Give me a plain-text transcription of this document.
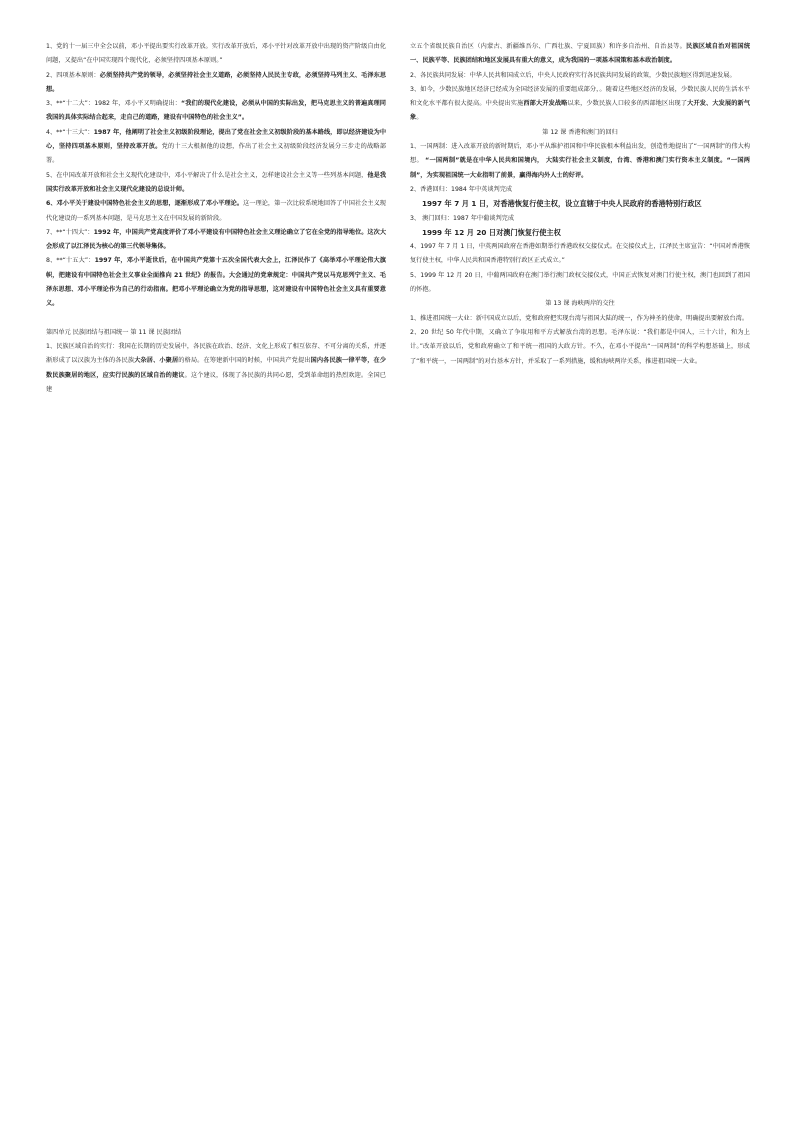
1、党的十一届三中全会以前，邓小平提出要实行改革开放。实行改革开放后，邓小平针对改革开放中出现的资产阶级自由化问题，又提出“在中国实现四个现代化，必须坚持四项基本原则。”

2、四项基本原则：必须坚持共产党的领导，必须坚持社会主义道路，必须坚持人民民主专政，必须坚持马列主义、毛泽东思想。

3、**“十二大”：1982 年，邓小平又明确提出：“我们的现代化建设，必须从中国的实际出发，把马克思主义的普遍真理同我国的具体实际结合起来，走自己的道路，建设有中国特色的社会主义”。

4、**“十三大”：1987 年，他阐明了社会主义初级阶段理论，提出了党在社会主义初级阶段的基本路线，即以经济建设为中心，坚持四项基本原则，坚持改革开放。党的十三大根据他的设想，作出了社会主义初级阶段经济发展分三步走的战略部署。

5、在中国改革开放和社会主义现代化建设中，邓小平解决了什么是社会主义，怎样建设社会主义等一些列基本问题，他是我国实行改革开放和社会主义现代化建设的总设计师。

6、邓小平关于建设中国特色社会主义的思想，逐渐形成了邓小平理论。这一理论，第一次比较系统地回答了中国社会主义现代化建设的一系列基本问题，是马克思主义在中国发展的新阶段。

7、**“十四大”：1992 年，中国共产党高度评价了邓小平建设有中国特色社会主义理论确立了它在全党的指导地位。这次大会形成了以江泽民为核心的第三代领导集体。

8、**“十五大”：1997 年，邓小平逝世后，在中国共产党第十五次全国代表大会上，江泽民作了《高举邓小平理论伟大旗帜，把建设有中国特色社会主义事业全面推向 21 世纪》的报告。大会通过的党章规定：中国共产党以马克思列宁主义、毛泽东思想、邓小平理论作为自己的行动指南。把邓小平理论确立为党的指导思想，这对建设有中国特色社会主义具有重要意义。

第四单元 民族团结与祖国统一 第 11 课 民族团结

1、民族区域自治的实行：我国在长期的历史发展中，各民族在政治、经济、文化上形成了相互依存、不可分离的关系，并逐渐形成了以汉族为主体的各民族大杂居、小聚居的格局。在筹建新中国的时候，中国共产党提出国内各民族一律平等，在少数民族聚居的地区，应实行民族的区域自治的建议。这个建议，体现了各民族的共同心愿，受到革命组的热烈欢迎。全国已建

立五个省级民族自治区（内蒙古、新疆维吾尔、广西壮族、宁夏回族）和许多自治州、自治县等。民族区域自治对祖国统一、民族平等、民族团结和地区发展具有重大的意义，成为我国的一项基本国策和基本政治制度。

2、各民族共同发展：中华人民共和国成立后，中央人民政府实行各民族共同发展的政策，少数民族地区得到迅速发展。

3、如今，少数民族地区经济已经成为全国经济发展的重要组成部分，。随着这些地区经济的发展，少数民族人民的生活水平和文化水平都有很大提高。中央提出实施西部大开发战略以来，少数民族人口较多的西部地区出现了大开发、大发展的新气象。

第 12 课 香港和澳门的回归

1、一国两制：进入改革开放的新时期后，邓小平从维护祖国和中华民族根本利益出发，创造性地提出了“一国两制”的伟大构想。 “一国两制”就是在中华人民共和国境内， 大陆实行社会主义制度，台湾、香港和澳门实行资本主义制度。“一国两制”，为实现祖国统一大业指明了前景，赢得海内外人士的好评。

2、香港回归：1984 年中英谈判完成

1997 年 7 月 1 日，对香港恢复行使主权，设立直辖于中央人民政府的香港特别行政区

3、 澳门回归：1987 年中葡谈判完成

1999 年 12 月 20 日对澳门恢复行使主权

4、1997 年 7 月 1 日，中英两国政府在香港如期举行香港政权交接仪式。在交接仪式上，江泽民主席宣告：“中国对香港恢复行使主权，中华人民共和国香港特别行政区正式成立。”

5、1999 年 12 月 20 日，中葡两国政府在澳门举行澳门政权交接仪式，中国正式恢复对澳门行使主权，澳门也回到了祖国的怀抱。

第 13 课 海峡两岸的交往

1、推进祖国统一大业：新中国成立以后，党和政府把实现台湾与祖国大陆的统一，作为神圣的使命，明确提出要解放台湾。

2、20 世纪 50 年代中期，又确立了争取用和平方式解放台湾的思想。毛泽东说：“我们都是中国人，三十六计，和为上计。”改革开放以后，党和政府确立了和平统一祖国的大政方针。不久，在邓小平提出“一国两制”的科学构想基础上，形成了“和平统一，一国两制”的对台基本方针，并采取了一系列措施，缓和海峡两岸关系，推进祖国统一大业。
